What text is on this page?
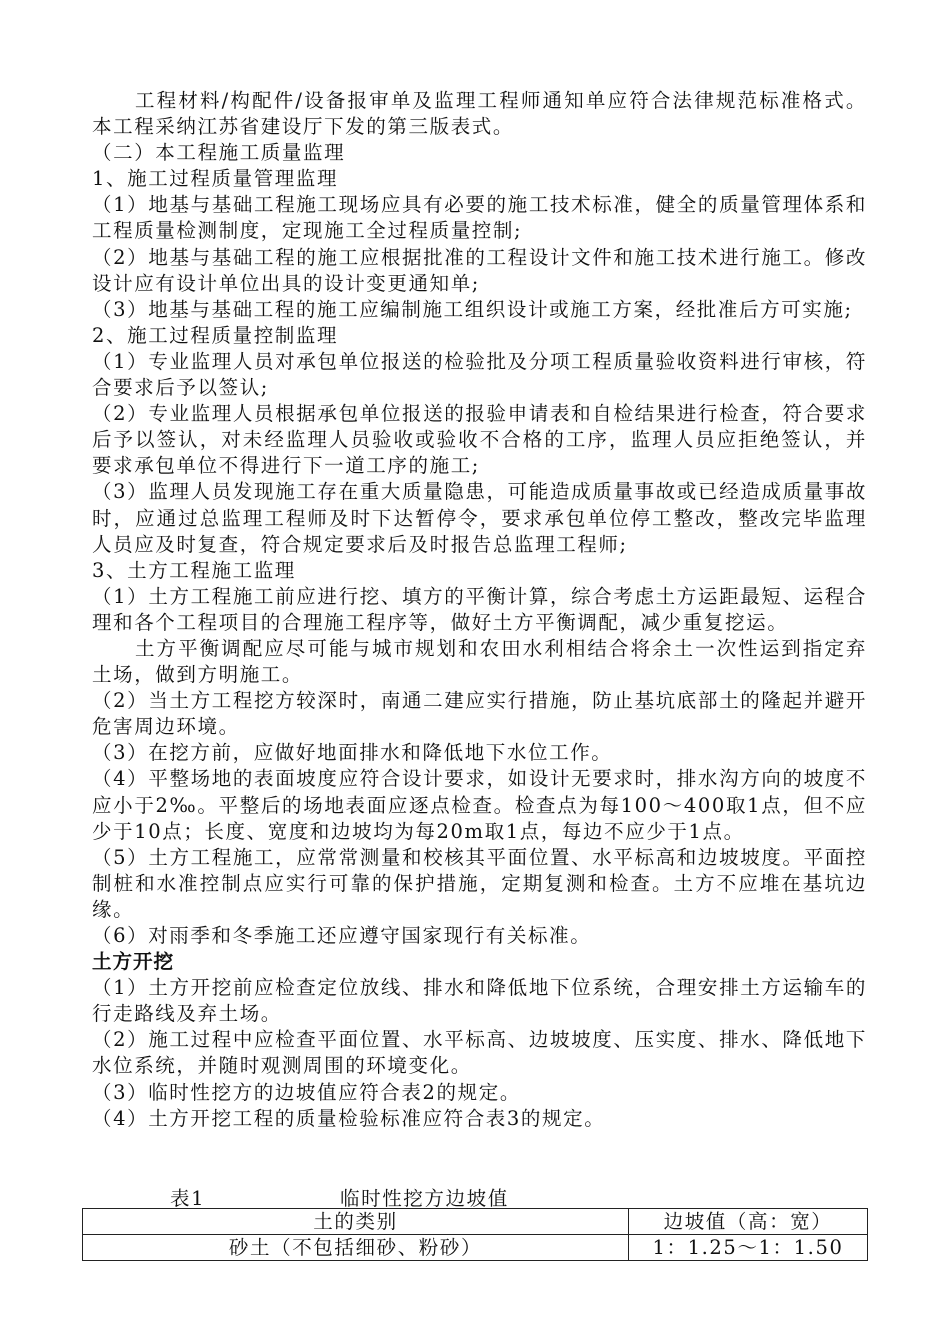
工程材料/构配件/设备报审单及监理工程师通知单应符合法律规范标准格式。本工程采纳江苏省建设厅下发的第三版表式。

（二）本工程施工质量监理

1、施工过程质量管理监理

（1）地基与基础工程施工现场应具有必要的施工技术标准，健全的质量管理体系和工程质量检测制度，定现施工全过程质量控制;

（2）地基与基础工程的施工应根据批准的工程设计文件和施工技术进行施工。修改设计应有设计单位出具的设计变更通知单;

（3）地基与基础工程的施工应编制施工组织设计或施工方案，经批准后方可实施;

2、施工过程质量控制监理

（1）专业监理人员对承包单位报送的检验批及分项工程质量验收资料进行审核，符合要求后予以签认;

（2）专业监理人员根据承包单位报送的报验申请表和自检结果进行检查，符合要求后予以签认，对未经监理人员验收或验收不合格的工序，监理人员应拒绝签认，并要求承包单位不得进行下一道工序的施工;

（3）监理人员发现施工存在重大质量隐患，可能造成质量事故或已经造成质量事故时，应通过总监理工程师及时下达暂停令，要求承包单位停工整改，整改完毕监理人员应及时复查，符合规定要求后及时报告总监理工程师;

3、土方工程施工监理

（1）土方工程施工前应进行挖、填方的平衡计算，综合考虑土方运距最短、运程合理和各个工程项目的合理施工程序等，做好土方平衡调配，减少重复挖运。

土方平衡调配应尽可能与城市规划和农田水利相结合将余土一次性运到指定弃土场，做到方明施工。

（2）当土方工程挖方较深时，南通二建应实行措施，防止基坑底部土的隆起并避开危害周边环境。

（3）在挖方前，应做好地面排水和降低地下水位工作。

（4）平整场地的表面坡度应符合设计要求，如设计无要求时，排水沟方向的坡度不应小于2‰。平整后的场地表面应逐点检查。检查点为每100～400取1点，但不应少于10点；长度、宽度和边坡均为每20m取1点，每边不应少于1点。

（5）土方工程施工，应常常测量和校核其平面位置、水平标高和边坡坡度。平面控制桩和水准控制点应实行可靠的保护措施，定期复测和检查。土方不应堆在基坑边缘。

（6）对雨季和冬季施工还应遵守国家现行有关标准。

土方开挖

（1）土方开挖前应检查定位放线、排水和降低地下位系统，合理安排土方运输车的行走路线及弃土场。

（2）施工过程中应检查平面位置、水平标高、边坡坡度、压实度、排水、降低地下水位系统，并随时观测周围的环境变化。

（3）临时性挖方的边坡值应符合表2的规定。

（4）土方开挖工程的质量检验标准应符合表3的规定。

表1	临时性挖方边坡值
土的类别	边坡值（高：宽）
砂土（不包括细砂、粉砂）	1：1.25～1：1.50
